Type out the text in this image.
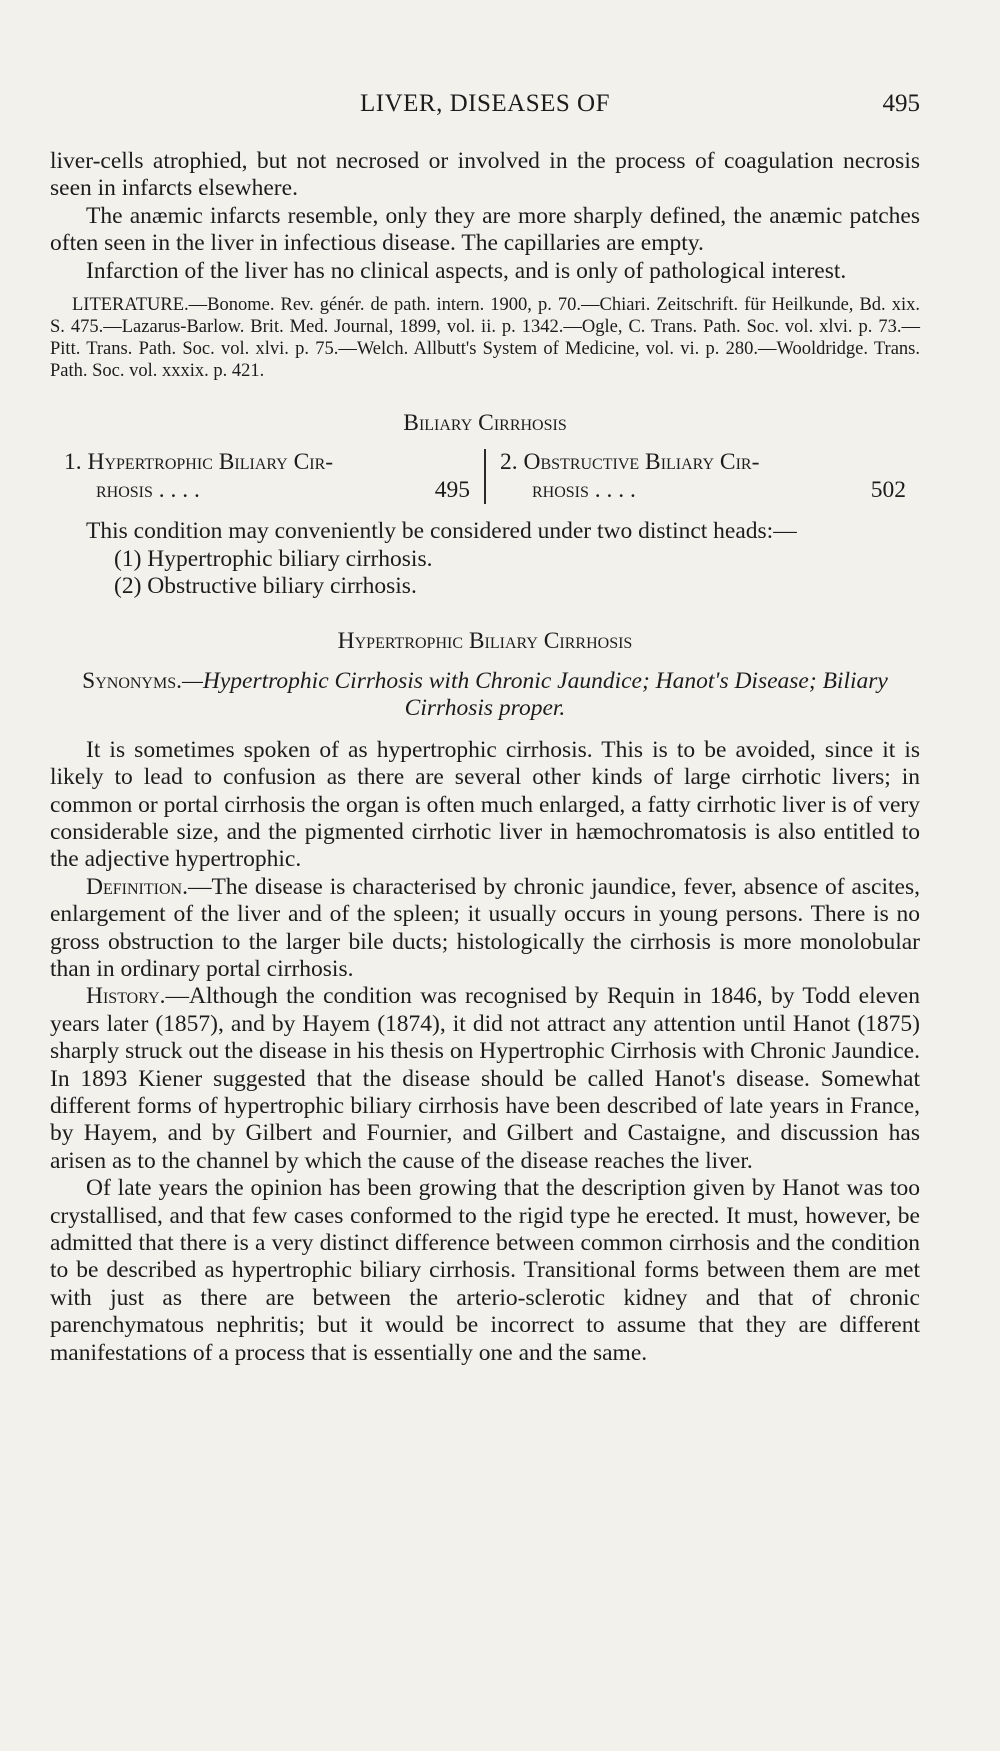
LIVER, DISEASES OF	495

liver-cells atrophied, but not necrosed or involved in the process of coagulation necrosis seen in infarcts elsewhere.

The anæmic infarcts resemble, only they are more sharply defined, the anæmic patches often seen in the liver in infectious disease. The capillaries are empty.

Infarction of the liver has no clinical aspects, and is only of pathological interest.

LITERATURE.—Bonome. Rev. génér. de path. intern. 1900, p. 70.—Chiari. Zeitschrift. für Heilkunde, Bd. xix. S. 475.—Lazarus-Barlow. Brit. Med. Journal, 1899, vol. ii. p. 1342.—Ogle, C. Trans. Path. Soc. vol. xlvi. p. 73.—Pitt. Trans. Path. Soc. vol. xlvi. p. 75.—Welch. Allbutt's System of Medicine, vol. vi. p. 280.—Wooldridge. Trans. Path. Soc. vol. xxxix. p. 421.

Biliary Cirrhosis
1. Hypertrophic Biliary Cir-
rhosis . . . .	495
2. Obstructive Biliary Cir-
rhosis . . . .	502

This condition may conveniently be considered under two distinct heads:—

(1) Hypertrophic biliary cirrhosis.
(2) Obstructive biliary cirrhosis.
Hypertrophic Biliary Cirrhosis

Synonyms.—Hypertrophic Cirrhosis with Chronic Jaundice; Hanot's Disease; Biliary Cirrhosis proper.

It is sometimes spoken of as hypertrophic cirrhosis. This is to be avoided, since it is likely to lead to confusion as there are several other kinds of large cirrhotic livers; in common or portal cirrhosis the organ is often much enlarged, a fatty cirrhotic liver is of very considerable size, and the pigmented cirrhotic liver in hæmochromatosis is also entitled to the adjective hypertrophic.

Definition.—The disease is characterised by chronic jaundice, fever, absence of ascites, enlargement of the liver and of the spleen; it usually occurs in young persons. There is no gross obstruction to the larger bile ducts; histologically the cirrhosis is more monolobular than in ordinary portal cirrhosis.

History.—Although the condition was recognised by Requin in 1846, by Todd eleven years later (1857), and by Hayem (1874), it did not attract any attention until Hanot (1875) sharply struck out the disease in his thesis on Hypertrophic Cirrhosis with Chronic Jaundice. In 1893 Kiener suggested that the disease should be called Hanot's disease. Somewhat different forms of hypertrophic biliary cirrhosis have been described of late years in France, by Hayem, and by Gilbert and Fournier, and Gilbert and Castaigne, and discussion has arisen as to the channel by which the cause of the disease reaches the liver.

Of late years the opinion has been growing that the description given by Hanot was too crystallised, and that few cases conformed to the rigid type he erected. It must, however, be admitted that there is a very distinct difference between common cirrhosis and the condition to be described as hypertrophic biliary cirrhosis. Transitional forms between them are met with just as there are between the arterio-sclerotic kidney and that of chronic parenchymatous nephritis; but it would be incorrect to assume that they are different manifestations of a process that is essentially one and the same.
